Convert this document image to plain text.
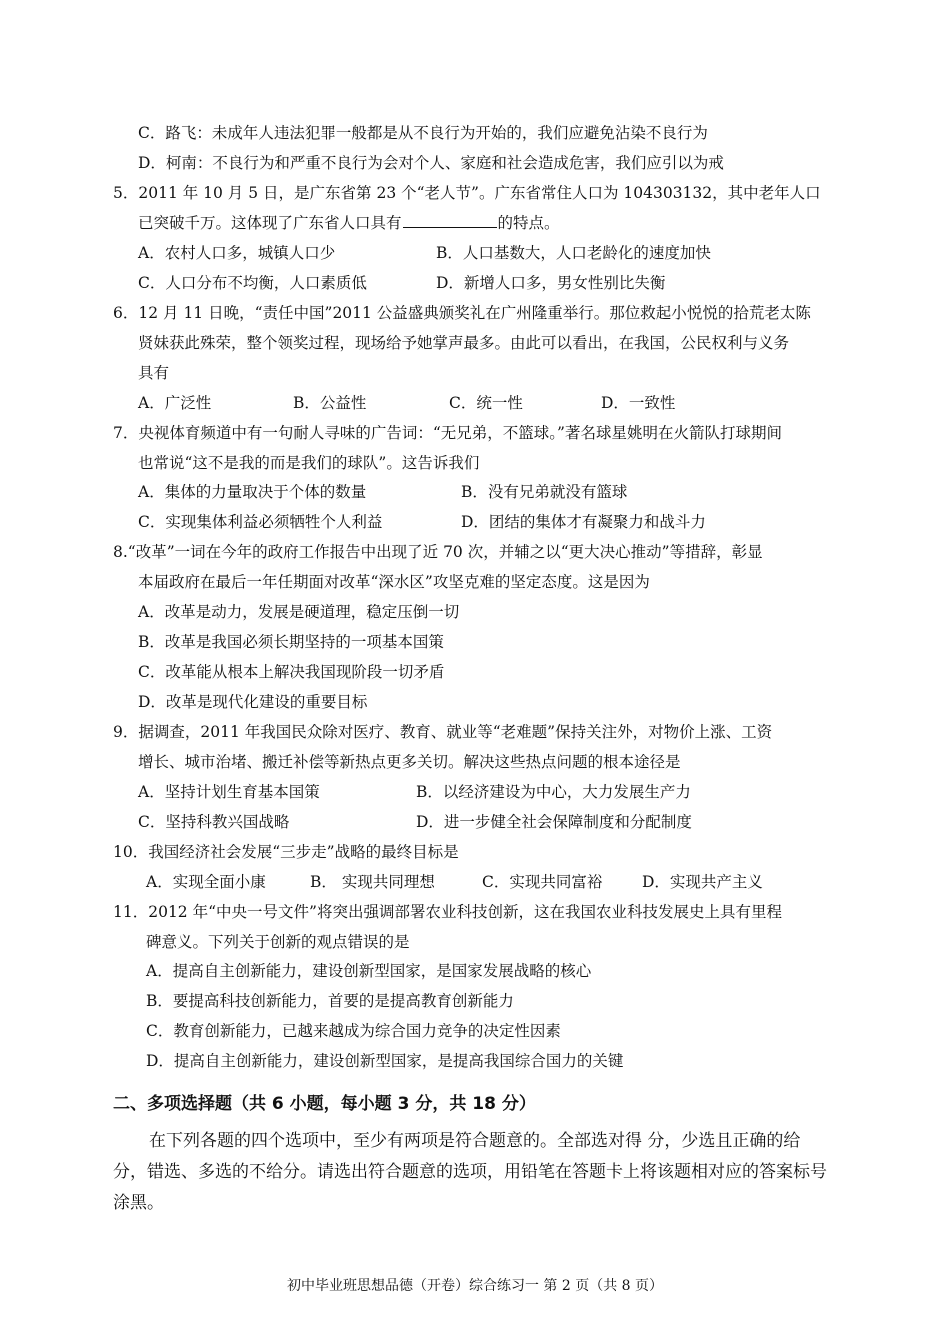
C．路飞：未成年人违法犯罪一般都是从不良行为开始的，我们应避免沾染不良行为
D．柯南：不良行为和严重不良行为会对个人、家庭和社会造成危害，我们应引以为戒
5．2011 年 10 月 5 日，是广东省第 23 个“老人节”。广东省常住人口为 104303132，其中老年人口
已突破千万。这体现了广东省人口具有	的特点。
A．农村人口多，城镇人口少	B．人口基数大，人口老龄化的速度加快
C．人口分布不均衡，人口素质低	D．新增人口多，男女性别比失衡
6．12 月 11 日晚，“责任中国”2011 公益盛典颁奖礼在广州隆重举行。那位救起小悦悦的拾荒老太陈
贤妹获此殊荣，整个领奖过程，现场给予她掌声最多。由此可以看出，在我国，公民权利与义务
具有
A．广泛性	B．公益性	C．统一性	D．一致性
7．央视体育频道中有一句耐人寻味的广告词：“无兄弟，不篮球。”著名球星姚明在火箭队打球期间
也常说“这不是我的而是我们的球队”。这告诉我们
A．集体的力量取决于个体的数量	B．没有兄弟就没有篮球
C．实现集体利益必须牺牲个人利益	D．团结的集体才有凝聚力和战斗力
8.“改革”一词在今年的政府工作报告中出现了近 70 次，并辅之以“更大决心推动”等措辞，彰显
本届政府在最后一年任期面对改革“深水区”攻坚克难的坚定态度。这是因为
A．改革是动力，发展是硬道理，稳定压倒一切
B．改革是我国必须长期坚持的一项基本国策
C．改革能从根本上解决我国现阶段一切矛盾
D．改革是现代化建设的重要目标
9．据调查，2011 年我国民众除对医疗、教育、就业等“老难题”保持关注外，对物价上涨、工资
增长、城市治堵、搬迁补偿等新热点更多关切。解决这些热点问题的根本途径是
A．坚持计划生育基本国策	B．以经济建设为中心，大力发展生产力
C．坚持科教兴国战略	D．进一步健全社会保障制度和分配制度
10．我国经济社会发展“三步走”战略的最终目标是
A．实现全面小康	B． 实现共同理想	C．实现共同富裕	D．实现共产主义
11．2012 年“中央一号文件”将突出强调部署农业科技创新，这在我国农业科技发展史上具有里程
碑意义。下列关于创新的观点错误的是
A．提高自主创新能力，建设创新型国家，是国家发展战略的核心
B．要提高科技创新能力，首要的是提高教育创新能力
C．教育创新能力，已越来越成为综合国力竞争的决定性因素
D．提高自主创新能力，建设创新型国家，是提高我国综合国力的关键
二、多项选择题（共 6 小题，每小题 3 分，共 18 分）
在下列各题的四个选项中，至少有两项是符合题意的。全部选对得 分，少选且正确的给 分，错选、多选的不给分。请选出符合题意的选项，用铅笔在答题卡上将该题相对应的答案标号涂黑。
初中毕业班思想品德（开卷）综合练习一 第 2 页（共 8 页）
